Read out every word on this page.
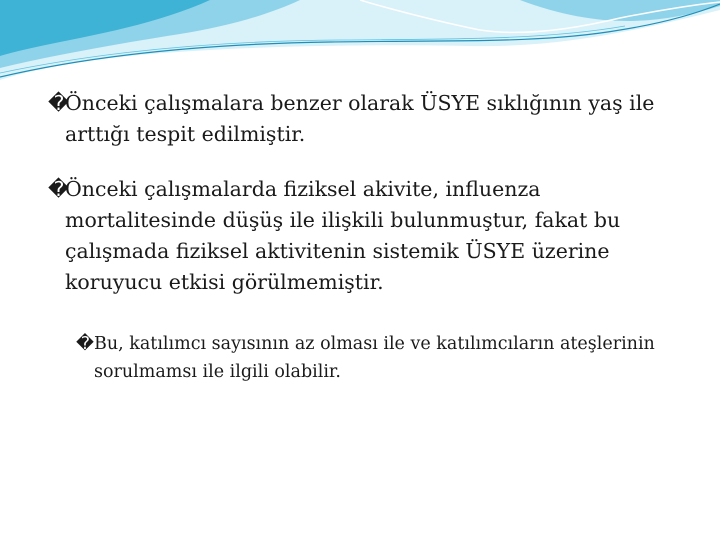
�
Önceki çalışmalara benzer olarak ÜSYE sıklığının yaş ile arttığı tespit edilmiştir.

�
Önceki çalışmalarda fiziksel akivite, influenza mortalitesinde düşüş ile ilişkili bulunmuştur, fakat bu çalışmada fiziksel aktivitenin sistemik ÜSYE üzerine koruyucu etkisi görülmemiştir.

� Bu, katılımcı sayısının az olması ile ve katılımcıların ateşlerinin sorulmamsı ile ilgili olabilir.
